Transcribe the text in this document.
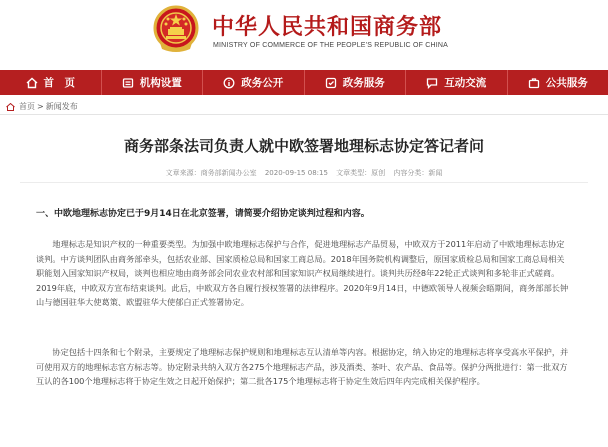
中华人民共和国商务部
MINISTRY OF COMMERCE OF THE PEOPLE'S REPUBLIC OF CHINA
首　页	机构设置	政务公开	政务服务	互动交流	公共服务
首页 > 新闻发布
商务部条法司负责人就中欧签署地理标志协定答记者问
文章来源：商务部新闻办公室 2020-09-15 08:15 文章类型：原创 内容分类：新闻
一、中欧地理标志协定已于9月14日在北京签署，请简要介绍协定谈判过程和内容。

地理标志是知识产权的一种重要类型。为加强中欧地理标志保护与合作，促进地理标志产品贸易，中欧双方于2011年启动了中欧地理标志协定谈判。中方谈判团队由商务部牵头，包括农业部、国家质检总局和国家工商总局。2018年国务院机构调整后，原国家质检总局和国家工商总局相关职能划入国家知识产权局，谈判也相应地由商务部会同农业农村部和国家知识产权局继续进行。谈判共历经8年22轮正式谈判和多轮非正式磋商。2019年底，中欧双方宣布结束谈判。此后，中欧双方各自履行授权签署的法律程序。2020年9月14日，中德欧领导人视频会晤期间，商务部部长钟山与德国驻华大使葛策、欧盟驻华大使郁白正式签署协定。

协定包括十四条和七个附录，主要规定了地理标志保护规则和地理标志互认清单等内容。根据协定，纳入协定的地理标志将享受高水平保护，并可使用双方的地理标志官方标志等。协定附录共纳入双方各275个地理标志产品，涉及酒类、茶叶、农产品、食品等。保护分两批进行：第一批双方互认的各100个地理标志将于协定生效之日起开始保护；第二批各175个地理标志将于协定生效后四年内完成相关保护程序。
